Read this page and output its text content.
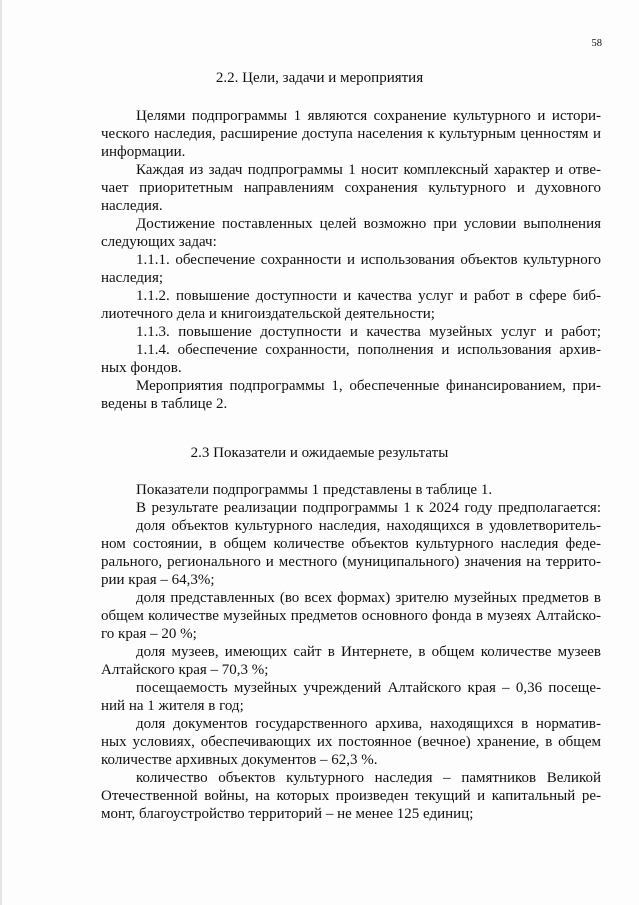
58
2.2. Цели, задачи и мероприятия
Целями подпрограммы 1 являются сохранение культурного и истори-
ческого наследия, расширение доступа населения к культурным ценностям и
информации.
Каждая из задач подпрограммы 1 носит комплексный характер и отве-
чает приоритетным направлениям сохранения культурного и духовного
наследия.
Достижение поставленных целей возможно при условии выполнения
следующих задач:
1.1.1. обеспечение сохранности и использования объектов культурного
наследия;
1.1.2. повышение доступности и качества услуг и работ в сфере биб-
лиотечного дела и книгоиздательской деятельности;
1.1.3. повышение доступности и качества музейных услуг и работ;
1.1.4. обеспечение сохранности, пополнения и использования архив-
ных фондов.
Мероприятия подпрограммы 1, обеспеченные финансированием, при-
ведены в таблице 2.
2.3 Показатели и ожидаемые результаты
Показатели подпрограммы 1 представлены в таблице 1.
В результате реализации подпрограммы 1 к 2024 году предполагается:
доля объектов культурного наследия, находящихся в удовлетворитель-
ном состоянии, в общем количестве объектов культурного наследия феде-
рального, регионального и местного (муниципального) значения на террито-
рии края – 64,3%;
доля представленных (во всех формах) зрителю музейных предметов в
общем количестве музейных предметов основного фонда в музеях Алтайско-
го края – 20 %;
доля музеев, имеющих сайт в Интернете, в общем количестве музеев
Алтайского края – 70,3 %;
посещаемость музейных учреждений Алтайского края – 0,36 посеще-
ний на 1 жителя в год;
доля документов государственного архива, находящихся в норматив-
ных условиях, обеспечивающих их постоянное (вечное) хранение, в общем
количестве архивных документов – 62,3 %.
количество объектов культурного наследия – памятников Великой
Отечественной войны, на которых произведен текущий и капитальный ре-
монт, благоустройство территорий – не менее 125 единиц;
